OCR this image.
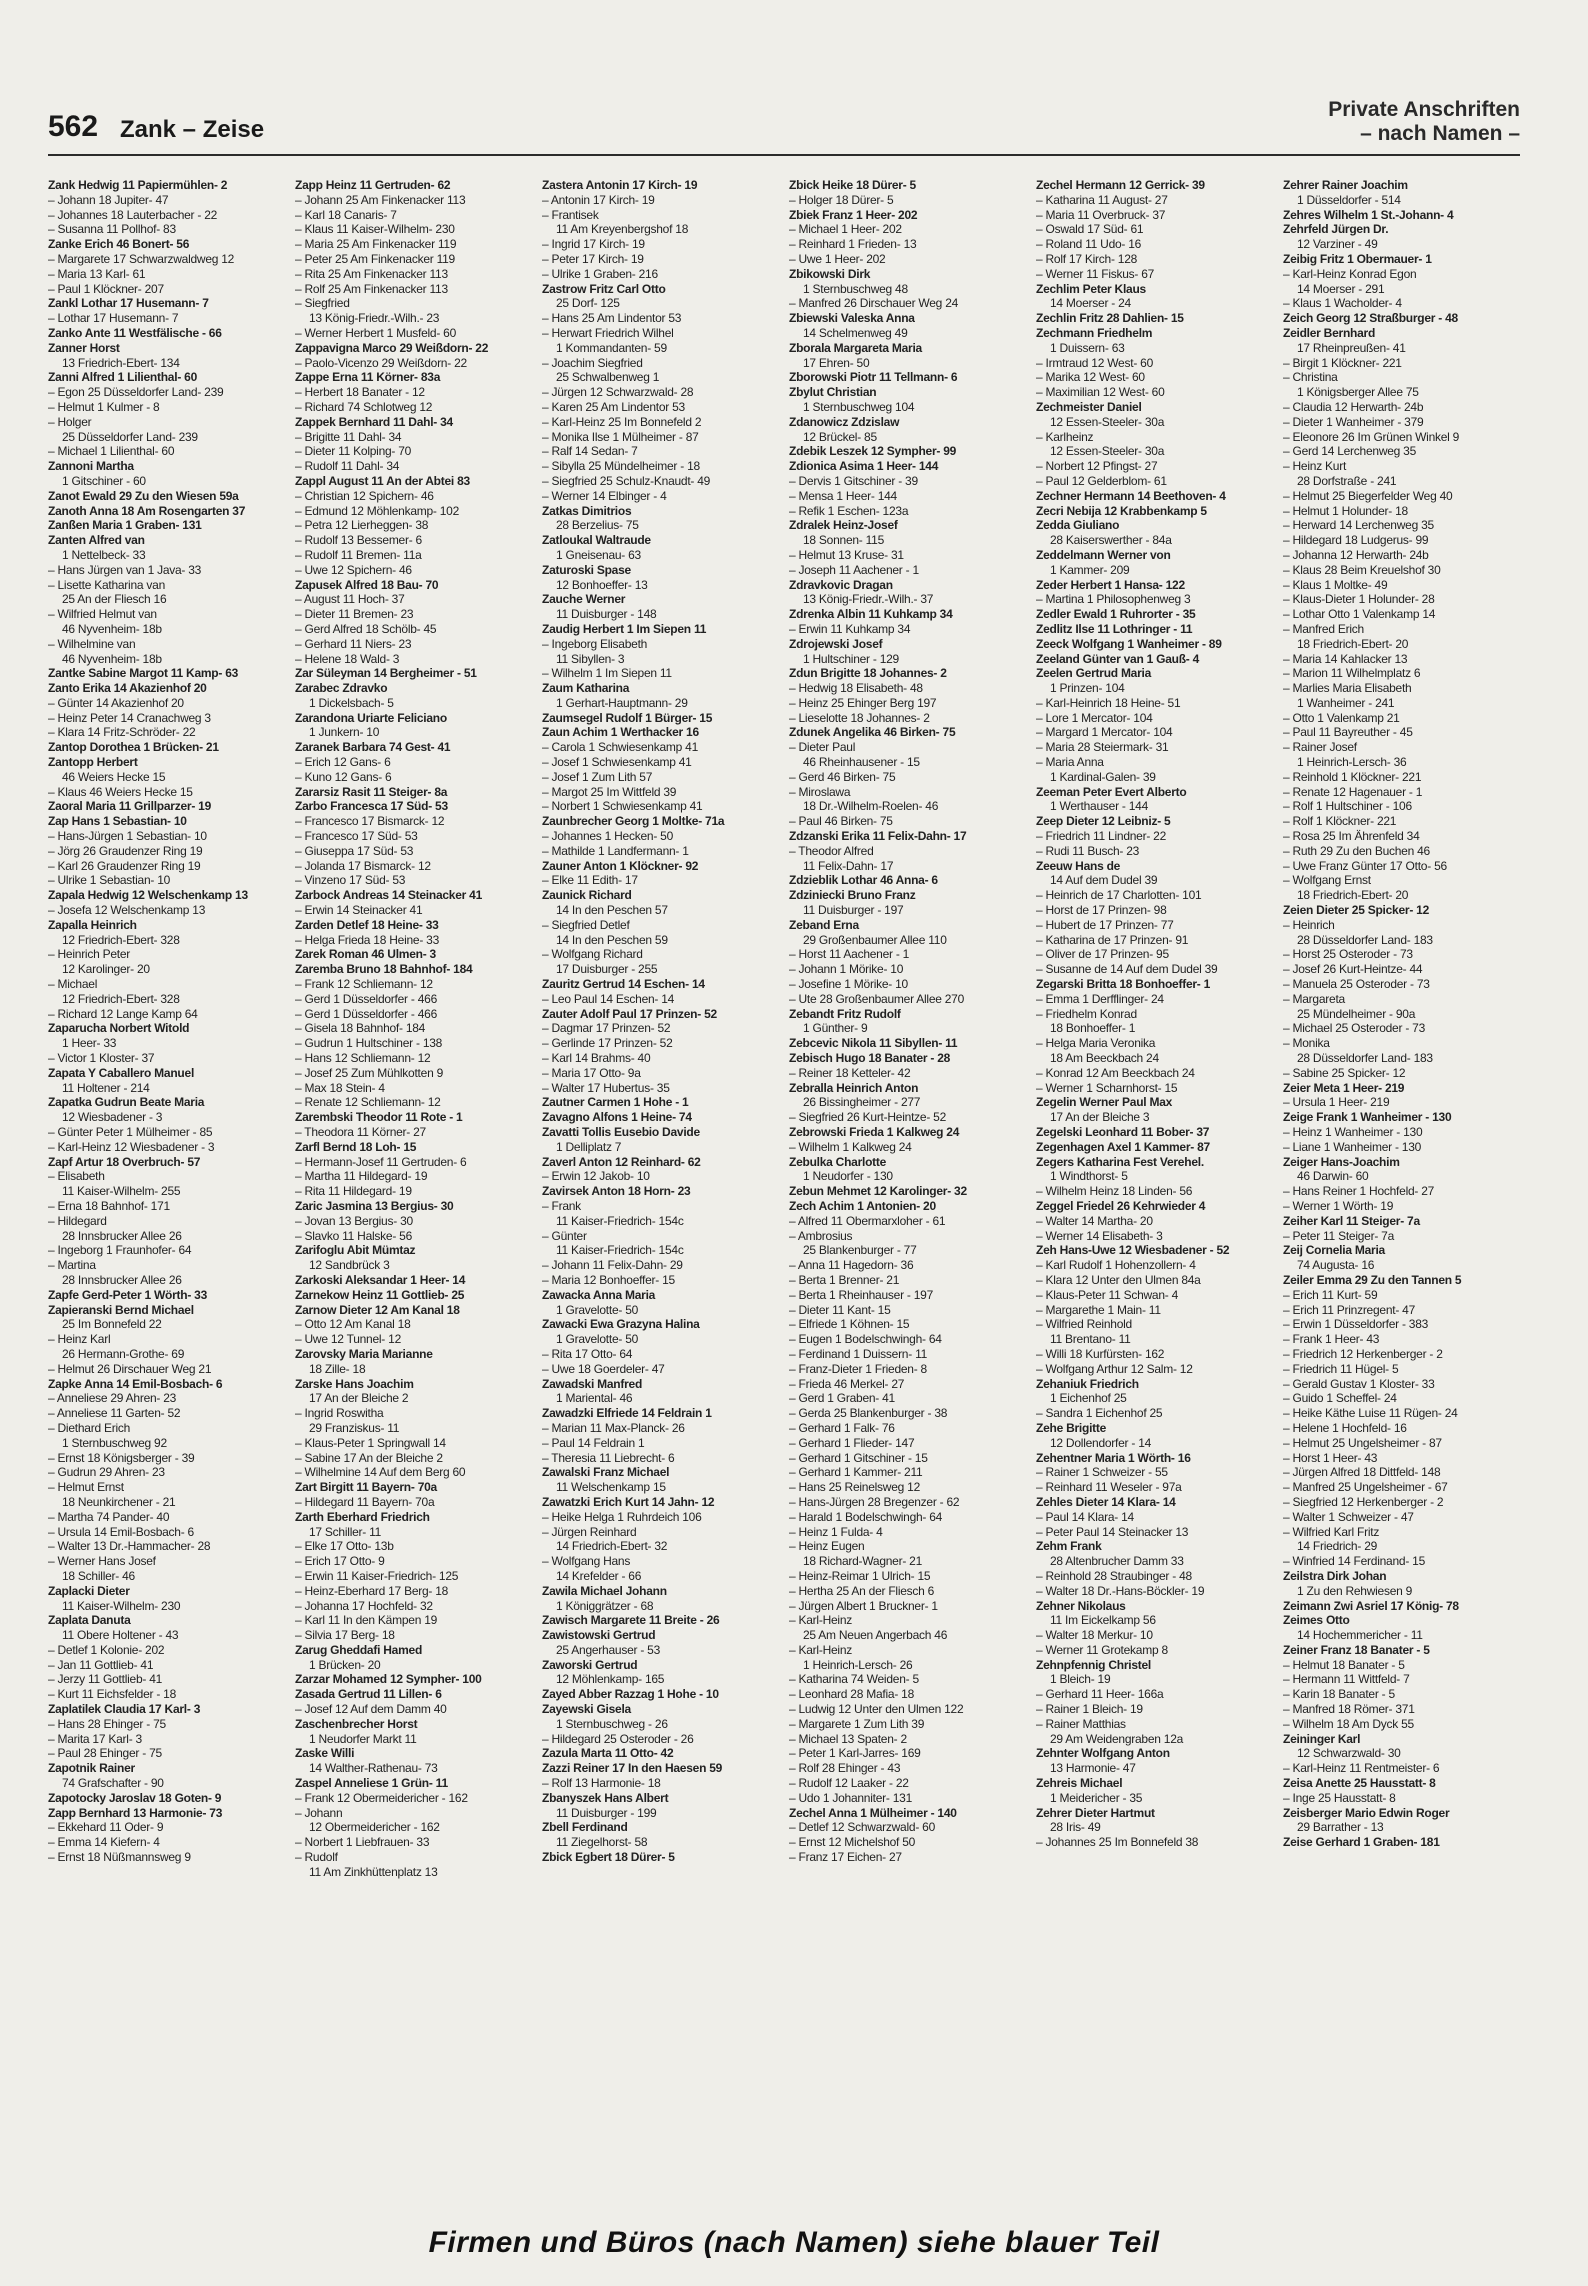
562 Zank – Zeise
Private Anschriften
– nach Namen –
Zank Hedwig 11 Papiermühlen- 2
– Johann 18 Jupiter- 47
– Johannes 18 Lauterbacher - 22
– Susanna 11 Pollhof- 83
Zanke Erich 46 Bonert- 56
– Margarete 17 Schwarzwaldweg 12
– Maria 13 Karl- 61
– Paul 1 Klöckner- 207
Zankl Lothar 17 Husemann- 7
– Lothar 17 Husemann- 7
Zanko Ante 11 Westfälische - 66
Zanner Horst
13 Friedrich-Ebert- 134
Zanni Alfred 1 Lilienthal- 60
– Egon 25 Düsseldorfer Land- 239
– Helmut 1 Kulmer - 8
– Holger
25 Düsseldorfer Land- 239
– Michael 1 Lilienthal- 60
Zannoni Martha
1 Gitschiner - 60
Zanot Ewald 29 Zu den Wiesen 59a
Zanoth Anna 18 Am Rosengarten 37
Zanßen Maria 1 Graben- 131
Zanten Alfred van
1 Nettelbeck- 33
– Hans Jürgen van 1 Java- 33
– Lisette Katharina van
25 An der Fliesch 16
– Wilfried Helmut van
46 Nyvenheim- 18b
– Wilhelmine van
46 Nyvenheim- 18b
Zantke Sabine Margot 11 Kamp- 63
Zanto Erika 14 Akazienhof 20
– Günter 14 Akazienhof 20
– Heinz Peter 14 Cranachweg 3
– Klara 14 Fritz-Schröder- 22
Zantop Dorothea 1 Brücken- 21
Zantopp Herbert
46 Weiers Hecke 15
– Klaus 46 Weiers Hecke 15
Zaoral Maria 11 Grillparzer- 19
Zap Hans 1 Sebastian- 10
– Hans-Jürgen 1 Sebastian- 10
– Jörg 26 Graudenzer Ring 19
– Karl 26 Graudenzer Ring 19
– Ulrike 1 Sebastian- 10
Zapala Hedwig 12 Welschenkamp 13
– Josefa 12 Welschenkamp 13
Zapalla Heinrich
12 Friedrich-Ebert- 328
– Heinrich Peter
12 Karolinger- 20
– Michael
12 Friedrich-Ebert- 328
– Richard 12 Lange Kamp 64
Zaparucha Norbert Witold
1 Heer- 33
– Victor 1 Kloster- 37
Zapata Y Caballero Manuel
11 Holtener - 214
Zapatka Gudrun Beate Maria
12 Wiesbadener - 3
– Günter Peter 1 Mülheimer - 85
– Karl-Heinz 12 Wiesbadener - 3
Zapf Artur 18 Overbruch- 57
– Elisabeth
11 Kaiser-Wilhelm- 255
– Erna 18 Bahnhof- 171
– Hildegard
28 Innsbrucker Allee 26
– Ingeborg 1 Fraunhofer- 64
– Martina
28 Innsbrucker Allee 26
Zapfe Gerd-Peter 1 Wörth- 33
Zapieranski Bernd Michael
25 Im Bonnefeld 22
– Heinz Karl
26 Hermann-Grothe- 69
– Helmut 26 Dirschauer Weg 21
Zapke Anna 14 Emil-Bosbach- 6
– Anneliese 29 Ahren- 23
– Anneliese 11 Garten- 52
– Diethard Erich
1 Sternbuschweg 92
– Ernst 18 Königsberger - 39
– Gudrun 29 Ahren- 23
– Helmut Ernst
18 Neunkirchener - 21
– Martha 74 Pander- 40
– Ursula 14 Emil-Bosbach- 6
– Walter 13 Dr.-Hammacher- 28
– Werner Hans Josef
18 Schiller- 46
Zaplacki Dieter
11 Kaiser-Wilhelm- 230
Zaplata Danuta
11 Obere Holtener - 43
– Detlef 1 Kolonie- 202
– Jan 11 Gottlieb- 41
– Jerzy 11 Gottlieb- 41
– Kurt 11 Eichsfelder - 18
Zaplatilek Claudia 17 Karl- 3
– Hans 28 Ehinger - 75
– Marita 17 Karl- 3
– Paul 28 Ehinger - 75
Zapotnik Rainer
74 Grafschafter - 90
Zapotocky Jaroslav 18 Goten- 9
Zapp Bernhard 13 Harmonie- 73
– Ekkehard 11 Oder- 9
– Emma 14 Kiefern- 4
– Ernst 18 Nüßmannsweg 9
Zapp Heinz 11 Gertruden- 62
– Johann 25 Am Finkenacker 113
– Karl 18 Canaris- 7
– Klaus 11 Kaiser-Wilhelm- 230
– Maria 25 Am Finkenacker 119
– Peter 25 Am Finkenacker 119
– Rita 25 Am Finkenacker 113
– Rolf 25 Am Finkenacker 113
– Siegfried
13 König-Friedr.-Wilh.- 23
– Werner Herbert 1 Musfeld- 60
Zappavigna Marco 29 Weißdorn- 22
– Paolo-Vicenzo 29 Weißdorn- 22
Zappe Erna 11 Körner- 83a
– Herbert 18 Banater - 12
– Richard 74 Schlotweg 12
Zappek Bernhard 11 Dahl- 34
– Brigitte 11 Dahl- 34
– Dieter 11 Kolping- 70
– Rudolf 11 Dahl- 34
Zappl August 11 An der Abtei 83
– Christian 12 Spichern- 46
– Edmund 12 Möhlenkamp- 102
– Petra 12 Lierheggen- 38
– Rudolf 13 Bessemer- 6
– Rudolf 11 Bremen- 11a
– Uwe 12 Spichern- 46
Zapusek Alfred 18 Bau- 70
– August 11 Hoch- 37
– Dieter 11 Bremen- 23
– Gerd Alfred 18 Schölb- 45
– Gerhard 11 Niers- 23
– Helene 18 Wald- 3
Zar Süleyman 14 Bergheimer - 51
Zarabec Zdravko
1 Dickelsbach- 5
Zarandona Uriarte Feliciano
1 Junkern- 10
Zaranek Barbara 74 Gest- 41
– Erich 12 Gans- 6
– Kuno 12 Gans- 6
Zararsiz Rasit 11 Steiger- 8a
Zarbo Francesca 17 Süd- 53
– Francesco 17 Bismarck- 12
– Francesco 17 Süd- 53
– Giuseppa 17 Süd- 53
– Jolanda 17 Bismarck- 12
– Vinzeno 17 Süd- 53
Zarbock Andreas 14 Steinacker 41
– Erwin 14 Steinacker 41
Zarden Detlef 18 Heine- 33
– Helga Frieda 18 Heine- 33
Zarek Roman 46 Ulmen- 3
Zaremba Bruno 18 Bahnhof- 184
– Frank 12 Schliemann- 12
– Gerd 1 Düsseldorfer - 466
– Gerd 1 Düsseldorfer - 466
– Gisela 18 Bahnhof- 184
– Gudrun 1 Hultschiner - 138
– Hans 12 Schliemann- 12
– Josef 25 Zum Mühlkotten 9
– Max 18 Stein- 4
– Renate 12 Schliemann- 12
Zarembski Theodor 11 Rote - 1
– Theodora 11 Körner- 27
Zarfl Bernd 18 Loh- 15
– Hermann-Josef 11 Gertruden- 6
– Martha 11 Hildegard- 19
– Rita 11 Hildegard- 19
Zaric Jasmina 13 Bergius- 30
– Jovan 13 Bergius- 30
– Slavko 11 Halske- 56
Zarifoglu Abit Mümtaz
12 Sandbrück 3
Zarkoski Aleksandar 1 Heer- 14
Zarnekow Heinz 11 Gottlieb- 25
Zarnow Dieter 12 Am Kanal 18
– Otto 12 Am Kanal 18
– Uwe 12 Tunnel- 12
Zarovsky Maria Marianne
18 Zille- 18
Zarske Hans Joachim
17 An der Bleiche 2
– Ingrid Roswitha
29 Franziskus- 11
– Klaus-Peter 1 Springwall 14
– Sabine 17 An der Bleiche 2
– Wilhelmine 14 Auf dem Berg 60
Zart Birgitt 11 Bayern- 70a
– Hildegard 11 Bayern- 70a
Zarth Eberhard Friedrich
17 Schiller- 11
– Elke 17 Otto- 13b
– Erich 17 Otto- 9
– Erwin 11 Kaiser-Friedrich- 125
– Heinz-Eberhard 17 Berg- 18
– Johanna 17 Hochfeld- 32
– Karl 11 In den Kämpen 19
– Silvia 17 Berg- 18
Zarug Gheddafi Hamed
1 Brücken- 20
Zarzar Mohamed 12 Sympher- 100
Zasada Gertrud 11 Lillen- 6
– Josef 12 Auf dem Damm 40
Zaschenbrecher Horst
1 Neudorfer Markt 11
Zaske Willi
14 Walther-Rathenau- 73
Zaspel Anneliese 1 Grün- 11
– Frank 12 Obermeidericher - 162
– Johann
12 Obermeidericher - 162
– Norbert 1 Liebfrauen- 33
– Rudolf
11 Am Zinkhüttenplatz 13
Zastera Antonin 17 Kirch- 19
– Antonin 17 Kirch- 19
– Frantisek
11 Am Kreyenbergshof 18
– Ingrid 17 Kirch- 19
– Peter 17 Kirch- 19
– Ulrike 1 Graben- 216
Zastrow Fritz Carl Otto
25 Dorf- 125
– Hans 25 Am Lindentor 53
– Herwart Friedrich Wilhel
1 Kommandanten- 59
– Joachim Siegfried
25 Schwalbenweg 1
– Jürgen 12 Schwarzwald- 28
– Karen 25 Am Lindentor 53
– Karl-Heinz 25 Im Bonnefeld 2
– Monika Ilse 1 Mülheimer - 87
– Ralf 14 Sedan- 7
– Sibylla 25 Mündelheimer - 18
– Siegfried 25 Schulz-Knaudt- 49
– Werner 14 Elbinger - 4
Zatkas Dimitrios
28 Berzelius- 75
Zatloukal Waltraude
1 Gneisenau- 63
Zaturoski Spase
12 Bonhoeffer- 13
Zauche Werner
11 Duisburger - 148
Zaudig Herbert 1 Im Siepen 11
– Ingeborg Elisabeth
11 Sibyllen- 3
– Wilhelm 1 Im Siepen 11
Zaum Katharina
1 Gerhart-Hauptmann- 29
Zaumsegel Rudolf 1 Bürger- 15
Zaun Achim 1 Werthacker 16
– Carola 1 Schwiesenkamp 41
– Josef 1 Schwiesenkamp 41
– Josef 1 Zum Lith 57
– Margot 25 Im Wittfeld 39
– Norbert 1 Schwiesenkamp 41
Zaunbrecher Georg 1 Moltke- 71a
– Johannes 1 Hecken- 50
– Mathilde 1 Landfermann- 1
Zauner Anton 1 Klöckner- 92
– Elke 11 Edith- 17
Zaunick Richard
14 In den Peschen 57
– Siegfried Detlef
14 In den Peschen 59
– Wolfgang Richard
17 Duisburger - 255
Zauritz Gertrud 14 Eschen- 14
– Leo Paul 14 Eschen- 14
Zauter Adolf Paul 17 Prinzen- 52
– Dagmar 17 Prinzen- 52
– Gerlinde 17 Prinzen- 52
– Karl 14 Brahms- 40
– Maria 17 Otto- 9a
– Walter 17 Hubertus- 35
Zautner Carmen 1 Hohe - 1
Zavagno Alfons 1 Heine- 74
Zavatti Tollis Eusebio Davide
1 Delliplatz 7
Zaverl Anton 12 Reinhard- 62
– Erwin 12 Jakob- 10
Zavirsek Anton 18 Horn- 23
– Frank
11 Kaiser-Friedrich- 154c
– Günter
11 Kaiser-Friedrich- 154c
– Johann 11 Felix-Dahn- 29
– Maria 12 Bonhoeffer- 15
Zawacka Anna Maria
1 Gravelotte- 50
Zawacki Ewa Grazyna Halina
1 Gravelotte- 50
– Rita 17 Otto- 64
– Uwe 18 Goerdeler- 47
Zawadski Manfred
1 Mariental- 46
Zawadzki Elfriede 14 Feldrain 1
– Marian 11 Max-Planck- 26
– Paul 14 Feldrain 1
– Theresia 11 Liebrecht- 6
Zawalski Franz Michael
11 Welschenkamp 15
Zawatzki Erich Kurt 14 Jahn- 12
– Heike Helga 1 Ruhrdeich 106
– Jürgen Reinhard
14 Friedrich-Ebert- 32
– Wolfgang Hans
14 Krefelder - 66
Zawila Michael Johann
1 Königgrätzer - 68
Zawisch Margarete 11 Breite - 26
Zawistowski Gertrud
25 Angerhauser - 53
Zaworski Gertrud
12 Möhlenkamp- 165
Zayed Abber Razzag 1 Hohe - 10
Zayewski Gisela
1 Sternbuschweg - 26
– Hildegard 25 Osteroder - 26
Zazula Marta 11 Otto- 42
Zazzi Reiner 17 In den Haesen 59
– Rolf 13 Harmonie- 18
Zbanyszek Hans Albert
11 Duisburger - 199
Zbell Ferdinand
11 Ziegelhorst- 58
Zbick Egbert 18 Dürer- 5
Zbick Heike 18 Dürer- 5
– Holger 18 Dürer- 5
Zbiek Franz 1 Heer- 202
– Michael 1 Heer- 202
– Reinhard 1 Frieden- 13
– Uwe 1 Heer- 202
Zbikowski Dirk
1 Sternbuschweg 48
– Manfred 26 Dirschauer Weg 24
Zbiewski Valeska Anna
14 Schelmenweg 49
Zborala Margareta Maria
17 Ehren- 50
Zborowski Piotr 11 Tellmann- 6
Zbylut Christian
1 Sternbuschweg 104
Zdanowicz Zdzislaw
12 Brückel- 85
Zdebik Leszek 12 Sympher- 99
Zdionica Asima 1 Heer- 144
– Dervis 1 Gitschiner - 39
– Mensa 1 Heer- 144
– Refik 1 Eschen- 123a
Zdralek Heinz-Josef
18 Sonnen- 115
– Helmut 13 Kruse- 31
– Joseph 11 Aachener - 1
Zdravkovic Dragan
13 König-Friedr.-Wilh.- 37
Zdrenka Albin 11 Kuhkamp 34
– Erwin 11 Kuhkamp 34
Zdrojewski Josef
1 Hultschiner - 129
Zdun Brigitte 18 Johannes- 2
– Hedwig 18 Elisabeth- 48
– Heinz 25 Ehinger Berg 197
– Lieselotte 18 Johannes- 2
Zdunek Angelika 46 Birken- 75
– Dieter Paul
46 Rheinhausener - 15
– Gerd 46 Birken- 75
– Miroslawa
18 Dr.-Wilhelm-Roelen- 46
– Paul 46 Birken- 75
Zdzanski Erika 11 Felix-Dahn- 17
– Theodor Alfred
11 Felix-Dahn- 17
Zdzieblik Lothar 46 Anna- 6
Zdziniecki Bruno Franz
11 Duisburger - 197
Zeband Erna
29 Großenbaumer Allee 110
– Horst 11 Aachener - 1
– Johann 1 Mörike- 10
– Josefine 1 Mörike- 10
– Ute 28 Großenbaumer Allee 270
Zebandt Fritz Rudolf
1 Günther- 9
Zebcevic Nikola 11 Sibyllen- 11
Zebisch Hugo 18 Banater - 28
– Reiner 18 Ketteler- 42
Zebralla Heinrich Anton
26 Bissingheimer - 277
– Siegfried 26 Kurt-Heintze- 52
Zebrowski Frieda 1 Kalkweg 24
– Wilhelm 1 Kalkweg 24
Zebulka Charlotte
1 Neudorfer - 130
Zebun Mehmet 12 Karolinger- 32
Zech Achim 1 Antonien- 20
– Alfred 11 Obermarxloher - 61
– Ambrosius
25 Blankenburger - 77
– Anna 11 Hagedorn- 36
– Berta 1 Brenner- 21
– Berta 1 Rheinhauser - 197
– Dieter 11 Kant- 15
– Elfriede 1 Köhnen- 15
– Eugen 1 Bodelschwingh- 64
– Ferdinand 1 Duissern- 11
– Franz-Dieter 1 Frieden- 8
– Frieda 46 Merkel- 27
– Gerd 1 Graben- 41
– Gerda 25 Blankenburger - 38
– Gerhard 1 Falk- 76
– Gerhard 1 Flieder- 147
– Gerhard 1 Gitschiner - 15
– Gerhard 1 Kammer- 211
– Hans 25 Reinelsweg 12
– Hans-Jürgen 28 Bregenzer - 62
– Harald 1 Bodelschwingh- 64
– Heinz 1 Fulda- 4
– Heinz Eugen
18 Richard-Wagner- 21
– Heinz-Reimar 1 Ulrich- 15
– Hertha 25 An der Fliesch 6
– Jürgen Albert 1 Bruckner- 1
– Karl-Heinz
25 Am Neuen Angerbach 46
– Karl-Heinz
1 Heinrich-Lersch- 26
– Katharina 74 Weiden- 5
– Leonhard 28 Mafia- 18
– Ludwig 12 Unter den Ulmen 122
– Margarete 1 Zum Lith 39
– Michael 13 Spaten- 2
– Peter 1 Karl-Jarres- 169
– Rolf 28 Ehinger - 43
– Rudolf 12 Laaker - 22
– Udo 1 Johanniter- 131
Zechel Anna 1 Mülheimer - 140
– Detlef 12 Schwarzwald- 60
– Ernst 12 Michelshof 50
– Franz 17 Eichen- 27
Zechel Hermann 12 Gerrick- 39
– Katharina 11 August- 27
– Maria 11 Overbruck- 37
– Oswald 17 Süd- 61
– Roland 11 Udo- 16
– Rolf 17 Kirch- 128
– Werner 11 Fiskus- 67
Zechlim Peter Klaus
14 Moerser - 24
Zechlin Fritz 28 Dahlien- 15
Zechmann Friedhelm
1 Duissern- 63
– Irmtraud 12 West- 60
– Marika 12 West- 60
– Maximilian 12 West- 60
Zechmeister Daniel
12 Essen-Steeler- 30a
– Karlheinz
12 Essen-Steeler- 30a
– Norbert 12 Pfingst- 27
– Paul 12 Gelderblom- 61
Zechner Hermann 14 Beethoven- 4
Zecri Nebija 12 Krabbenkamp 5
Zedda Giuliano
28 Kaiserswerther - 84a
Zeddelmann Werner von
1 Kammer- 209
Zeder Herbert 1 Hansa- 122
– Martina 1 Philosophenweg 3
Zedler Ewald 1 Ruhrorter - 35
Zedlitz Ilse 11 Lothringer - 11
Zeeck Wolfgang 1 Wanheimer - 89
Zeeland Günter van 1 Gauß- 4
Zeelen Gertrud Maria
1 Prinzen- 104
– Karl-Heinrich 18 Heine- 51
– Lore 1 Mercator- 104
– Margard 1 Mercator- 104
– Maria 28 Steiermark- 31
– Maria Anna
1 Kardinal-Galen- 39
Zeeman Peter Evert Alberto
1 Werthauser - 144
Zeep Dieter 12 Leibniz- 5
– Friedrich 11 Lindner- 22
– Rudi 11 Busch- 23
Zeeuw Hans de
14 Auf dem Dudel 39
– Heinrich de 17 Charlotten- 101
– Horst de 17 Prinzen- 98
– Hubert de 17 Prinzen- 77
– Katharina de 17 Prinzen- 91
– Oliver de 17 Prinzen- 95
– Susanne de 14 Auf dem Dudel 39
Zegarski Britta 18 Bonhoeffer- 1
– Emma 1 Derfflinger- 24
– Friedhelm Konrad
18 Bonhoeffer- 1
– Helga Maria Veronika
18 Am Beeckbach 24
– Konrad 12 Am Beeckbach 24
– Werner 1 Scharnhorst- 15
Zegelin Werner Paul Max
17 An der Bleiche 3
Zegelski Leonhard 11 Bober- 37
Zegenhagen Axel 1 Kammer- 87
Zegers Katharina Fest Verehel.
1 Windthorst- 5
– Wilhelm Heinz 18 Linden- 56
Zeggel Friedel 26 Kehrwieder 4
– Walter 14 Martha- 20
– Werner 14 Elisabeth- 3
Zeh Hans-Uwe 12 Wiesbadener - 52
– Karl Rudolf 1 Hohenzollern- 4
– Klara 12 Unter den Ulmen 84a
– Klaus-Peter 11 Schwan- 4
– Margarethe 1 Main- 11
– Wilfried Reinhold
11 Brentano- 11
– Willi 18 Kurfürsten- 162
– Wolfgang Arthur 12 Salm- 12
Zehaniuk Friedrich
1 Eichenhof 25
– Sandra 1 Eichenhof 25
Zehe Brigitte
12 Dollendorfer - 14
Zehentner Maria 1 Wörth- 16
– Rainer 1 Schweizer - 55
– Reinhard 11 Weseler - 97a
Zehles Dieter 14 Klara- 14
– Paul 14 Klara- 14
– Peter Paul 14 Steinacker 13
Zehm Frank
28 Altenbrucher Damm 33
– Reinhold 28 Straubinger - 48
– Walter 18 Dr.-Hans-Böckler- 19
Zehner Nikolaus
11 Im Eickelkamp 56
– Walter 18 Merkur- 10
– Werner 11 Grotekamp 8
Zehnpfennig Christel
1 Bleich- 19
– Gerhard 11 Heer- 166a
– Rainer 1 Bleich- 19
– Rainer Matthias
29 Am Weidengraben 12a
Zehnter Wolfgang Anton
13 Harmonie- 47
Zehreis Michael
1 Meidericher - 35
Zehrer Dieter Hartmut
28 Iris- 49
– Johannes 25 Im Bonnefeld 38
Zehrer Rainer Joachim
1 Düsseldorfer - 514
Zehres Wilhelm 1 St.-Johann- 4
Zehrfeld Jürgen Dr.
12 Varziner - 49
Zeibig Fritz 1 Obermauer- 1
– Karl-Heinz Konrad Egon
14 Moerser - 291
– Klaus 1 Wacholder- 4
Zeich Georg 12 Straßburger - 48
Zeidler Bernhard
17 Rheinpreußen- 41
– Birgit 1 Klöckner- 221
– Christina
1 Königsberger Allee 75
– Claudia 12 Herwarth- 24b
– Dieter 1 Wanheimer - 379
– Eleonore 26 Im Grünen Winkel 9
– Gerd 14 Lerchenweg 35
– Heinz Kurt
28 Dorfstraße - 241
– Helmut 25 Biegerfelder Weg 40
– Helmut 1 Holunder- 18
– Herward 14 Lerchenweg 35
– Hildegard 18 Ludgerus- 99
– Johanna 12 Herwarth- 24b
– Klaus 28 Beim Kreuelshof 30
– Klaus 1 Moltke- 49
– Klaus-Dieter 1 Holunder- 28
– Lothar Otto 1 Valenkamp 14
– Manfred Erich
18 Friedrich-Ebert- 20
– Maria 14 Kahlacker 13
– Marion 11 Wilhelmplatz 6
– Marlies Maria Elisabeth
1 Wanheimer - 241
– Otto 1 Valenkamp 21
– Paul 11 Bayreuther - 45
– Rainer Josef
1 Heinrich-Lersch- 36
– Reinhold 1 Klöckner- 221
– Renate 12 Hagenauer - 1
– Rolf 1 Hultschiner - 106
– Rolf 1 Klöckner- 221
– Rosa 25 Im Ährenfeld 34
– Ruth 29 Zu den Buchen 46
– Uwe Franz Günter 17 Otto- 56
– Wolfgang Ernst
18 Friedrich-Ebert- 20
Zeien Dieter 25 Spicker- 12
– Heinrich
28 Düsseldorfer Land- 183
– Horst 25 Osteroder - 73
– Josef 26 Kurt-Heintze- 44
– Manuela 25 Osteroder - 73
– Margareta
25 Mündelheimer - 90a
– Michael 25 Osteroder - 73
– Monika
28 Düsseldorfer Land- 183
– Sabine 25 Spicker- 12
Zeier Meta 1 Heer- 219
– Ursula 1 Heer- 219
Zeige Frank 1 Wanheimer - 130
– Heinz 1 Wanheimer - 130
– Liane 1 Wanheimer - 130
Zeiger Hans-Joachim
46 Darwin- 60
– Hans Reiner 1 Hochfeld- 27
– Werner 1 Wörth- 19
Zeiher Karl 11 Steiger- 7a
– Peter 11 Steiger- 7a
Zeij Cornelia Maria
74 Augusta- 16
Zeiler Emma 29 Zu den Tannen 5
– Erich 11 Kurt- 59
– Erich 11 Prinzregent- 47
– Erwin 1 Düsseldorfer - 383
– Frank 1 Heer- 43
– Friedrich 12 Herkenberger - 2
– Friedrich 11 Hügel- 5
– Gerald Gustav 1 Kloster- 33
– Guido 1 Scheffel- 24
– Heike Käthe Luise 11 Rügen- 24
– Helene 1 Hochfeld- 16
– Helmut 25 Ungelsheimer - 87
– Horst 1 Heer- 43
– Jürgen Alfred 18 Dittfeld- 148
– Manfred 25 Ungelsheimer - 67
– Siegfried 12 Herkenberger - 2
– Walter 1 Schweizer - 47
– Wilfried Karl Fritz
14 Friedrich- 29
– Winfried 14 Ferdinand- 15
Zeilstra Dirk Johan
1 Zu den Rehwiesen 9
Zeimann Zwi Asriel 17 König- 78
Zeimes Otto
14 Hochemmericher - 11
Zeiner Franz 18 Banater - 5
– Helmut 18 Banater - 5
– Hermann 11 Wittfeld- 7
– Karin 18 Banater - 5
– Manfred 18 Römer- 371
– Wilhelm 18 Am Dyck 55
Zeininger Karl
12 Schwarzwald- 30
– Karl-Heinz 11 Rentmeister- 6
Zeisa Anette 25 Hausstatt- 8
– Inge 25 Hausstatt- 8
Zeisberger Mario Edwin Roger
29 Barrather - 13
Zeise Gerhard 1 Graben- 181
Firmen und Büros (nach Namen) siehe blauer Teil
